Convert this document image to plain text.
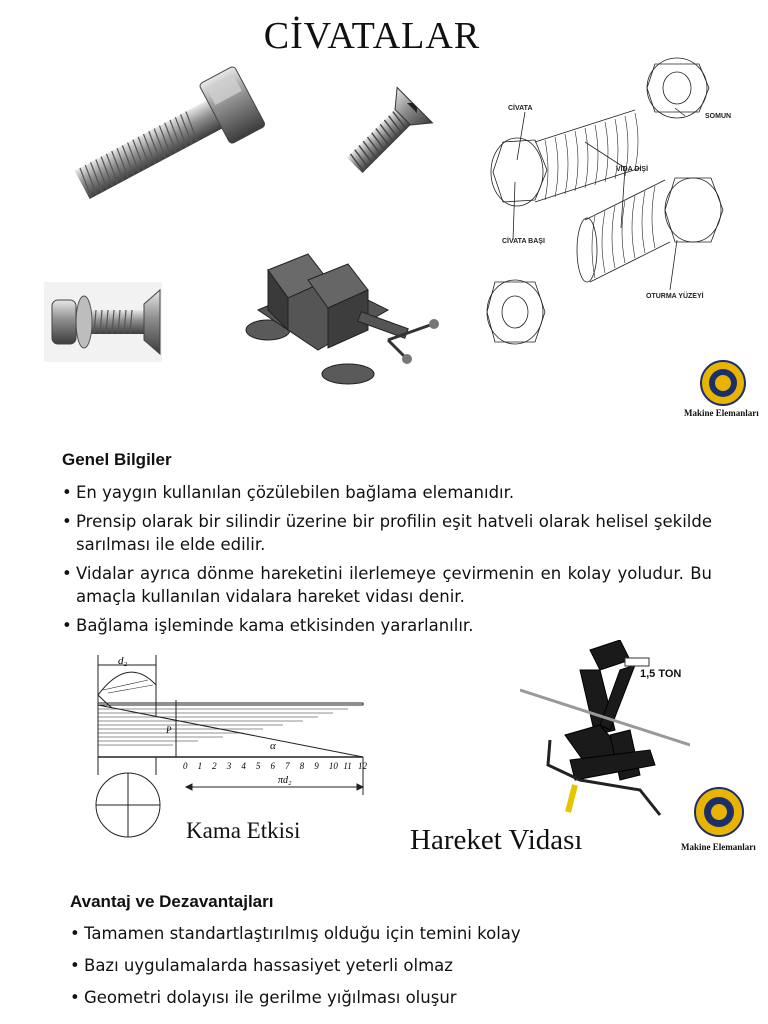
CİVATALAR
CİVATA
SOMUN
VİDA DİŞİ
CİVATA BAŞI
OTURMA YÜZEYİ
Makine Elemanları
Genel Bilgiler
• En yaygın kullanılan çözülebilen bağlama elemanıdır.
• Prensip olarak bir silindir üzerine bir profilin eşit hatveli olarak helisel şekilde sarılması ile elde edilir.
• Vidalar ayrıca dönme hareketini ilerlemeye çevirmenin en kolay yoludur. Bu amaçla kullanılan vidalara hareket vidası denir.
• Bağlama işleminde kama etkisinden yararlanılır.
d₂
P
α
πd₂
0 1 2 3 4 5 6 7 8 9 10 11 12
Kama Etkisi
1,5 TON
Hareket Vidası	Makine Elemanları
Avantaj ve Dezavantajları
• Tamamen standartlaştırılmış olduğu için temini kolay
• Bazı uygulamalarda hassasiyet yeterli olmaz
• Geometri dolayısı ile gerilme yığılması oluşur
